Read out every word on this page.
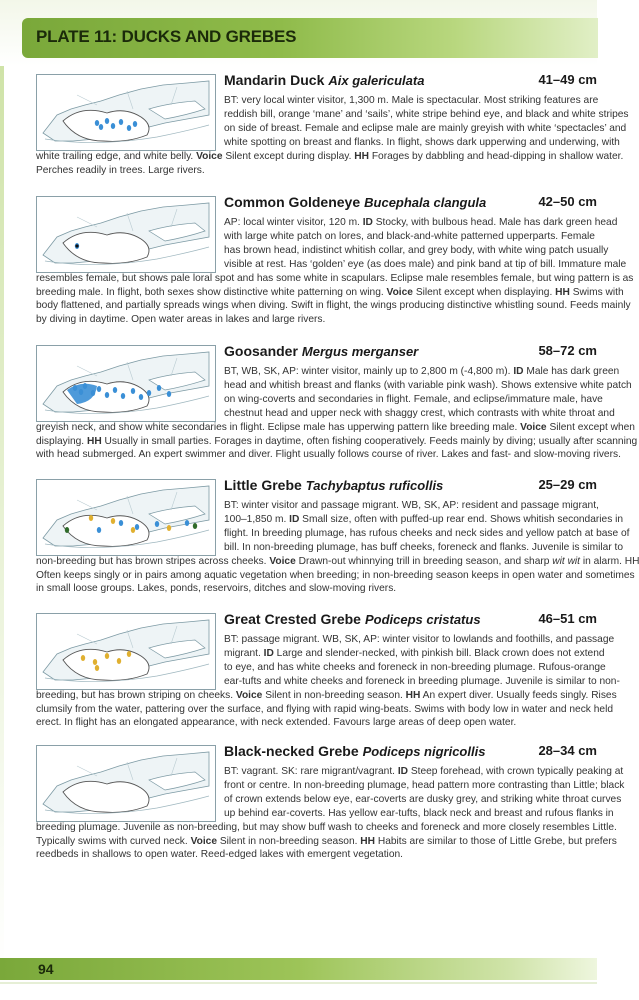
PLATE 11: DUCKS AND GREBES
Mandarin Duck Aix galericulata	41–49 cm
BT: very local winter visitor, 1,300 m. Male is spectacular. Most striking features are
reddish bill, orange ‘mane’ and ‘sails’, white stripe behind eye, and black and white stripes
on side of breast. Female and eclipse male are mainly greyish with white ‘spectacles’ and
white spotting on breast and flanks. In flight, shows dark upperwing and underwing, with
white trailing edge, and white belly. Voice Silent except during display. HH Forages by dabbling and head-dipping in shallow water.
Perches readily in trees. Large rivers.
Common Goldeneye Bucephala clangula	42–50 cm
AP: local winter visitor, 120 m. ID Stocky, with bulbous head. Male has dark green head
with large white patch on lores, and black-and-white patterned upperparts. Female
has brown head, indistinct whitish collar, and grey body, with white wing patch usually
visible at rest. Has ‘golden’ eye (as does male) and pink band at tip of bill. Immature male
resembles female, but shows pale loral spot and has some white in scapulars. Eclipse male resembles female, but wing pattern is as
breeding male. In flight, both sexes show distinctive white patterning on wing. Voice Silent except when displaying. HH Swims with
body flattened, and partially spreads wings when diving. Swift in flight, the wings producing distinctive whistling sound. Feeds mainly
by diving in daytime. Open water areas in lakes and large rivers.
Goosander Mergus merganser	58–72 cm
BT, WB, SK, AP: winter visitor, mainly up to 2,800 m (-4,800 m). ID Male has dark green
head and whitish breast and flanks (with variable pink wash). Shows extensive white patch
on wing-coverts and secondaries in flight. Female, and eclipse/immature male, have
chestnut head and upper neck with shaggy crest, which contrasts with white throat and
greyish neck, and show white secondaries in flight. Eclipse male has upperwing pattern like breeding male. Voice Silent except when
displaying. HH Usually in small parties. Forages in daytime, often fishing cooperatively. Feeds mainly by diving; usually after scanning
with head submerged. An expert swimmer and diver. Flight usually follows course of river. Lakes and fast- and slow-moving rivers.
Little Grebe Tachybaptus ruficollis	25–29 cm
BT: winter visitor and passage migrant. WB, SK, AP: resident and passage migrant,
100–1,850 m. ID Small size, often with puffed-up rear end. Shows whitish secondaries in
flight. In breeding plumage, has rufous cheeks and neck sides and yellow patch at base of
bill. In non-breeding plumage, has buff cheeks, foreneck and flanks. Juvenile is similar to
non-breeding but has brown stripes across cheeks. Voice Drawn-out whinnying trill in breeding season, and sharp wit wit in alarm. HH
Often keeps singly or in pairs among aquatic vegetation when breeding; in non-breeding season keeps in open water and sometimes
in small loose groups. Lakes, ponds, reservoirs, ditches and slow-moving rivers.
Great Crested Grebe Podiceps cristatus	46–51 cm
BT: passage migrant. WB, SK, AP: winter visitor to lowlands and foothills, and passage
migrant. ID Large and slender-necked, with pinkish bill. Black crown does not extend
to eye, and has white cheeks and foreneck in non-breeding plumage. Rufous-orange
ear-tufts and white cheeks and foreneck in breeding plumage. Juvenile is similar to non-
breeding, but has brown striping on cheeks. Voice Silent in non-breeding season. HH An expert diver. Usually feeds singly. Rises
clumsily from the water, pattering over the surface, and flying with rapid wing-beats. Swims with body low in water and neck held
erect. In flight has an elongated appearance, with neck extended. Favours large areas of deep open water.
Black-necked Grebe Podiceps nigricollis	28–34 cm
BT: vagrant. SK: rare migrant/vagrant. ID Steep forehead, with crown typically peaking at
front or centre. In non-breeding plumage, head pattern more contrasting than Little; black
of crown extends below eye, ear-coverts are dusky grey, and striking white throat curves
up behind ear-coverts. Has yellow ear-tufts, black neck and breast and rufous flanks in
breeding plumage. Juvenile as non-breeding, but may show buff wash to cheeks and foreneck and more closely resembles Little.
Typically swims with curved neck. Voice Silent in non-breeding season. HH Habits are similar to those of Little Grebe, but prefers
reedbeds in shallows to open water. Reed-edged lakes with emergent vegetation.
94
